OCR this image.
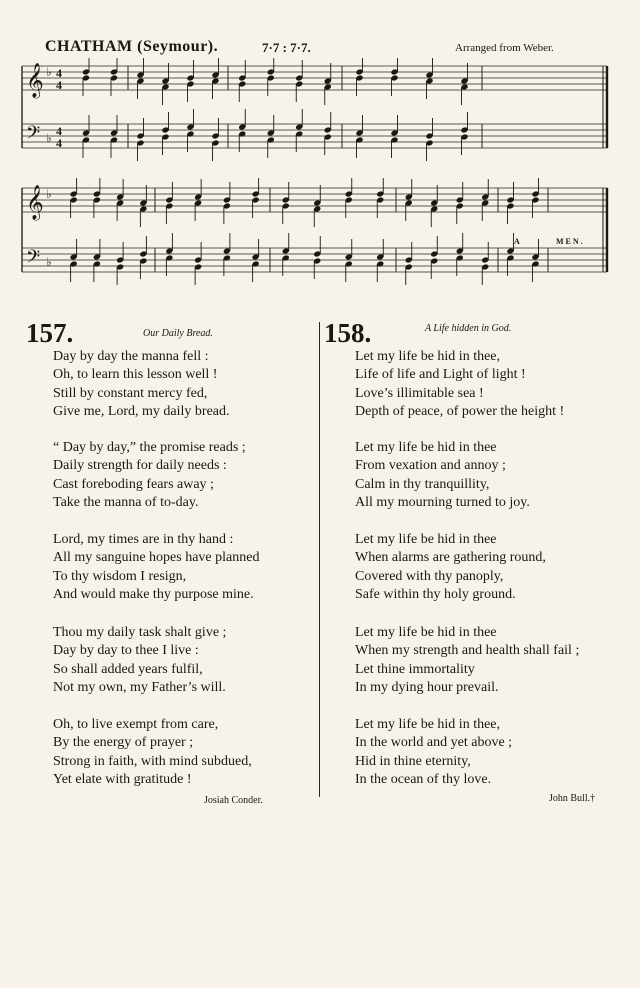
CHATHAM (Seymour).	7·7 : 7·7.	Arranged from Weber.
𝄞
𝄢
♭
♭
4
4
4
4
𝄞
𝄢
♭
♭
A	MEN.
157.	Our Daily Bread.
Josiah Conder.
Day by day the manna fell :
Oh, to learn this lesson well !
Still by constant mercy fed,
Give me, Lord, my daily bread.
“ Day by day,” the promise reads ;
Daily strength for daily needs :
Cast foreboding fears away ;
Take the manna of to-day.
Lord, my times are in thy hand :
All my sanguine hopes have planned
To thy wisdom I resign,
And would make thy purpose mine.
Thou my daily task shalt give ;
Day by day to thee I live :
So shall added years fulfil,
Not my own, my Father’s will.
Oh, to live exempt from care,
By the energy of prayer ;
Strong in faith, with mind subdued,
Yet elate with gratitude !
158.	A Life hidden in God.
John Bull.†
Let my life be hid in thee,
Life of life and Light of light !
Love’s illimitable sea !
Depth of peace, of power the height !
Let my life be hid in thee
From vexation and annoy ;
Calm in thy tranquillity,
All my mourning turned to joy.
Let my life be hid in thee
When alarms are gathering round,
Covered with thy panoply,
Safe within thy holy ground.
Let my life be hid in thee
When my strength and health shall fail ;
Let thine immortality
In my dying hour prevail.
Let my life be hid in thee,
In the world and yet above ;
Hid in thine eternity,
In the ocean of thy love.
